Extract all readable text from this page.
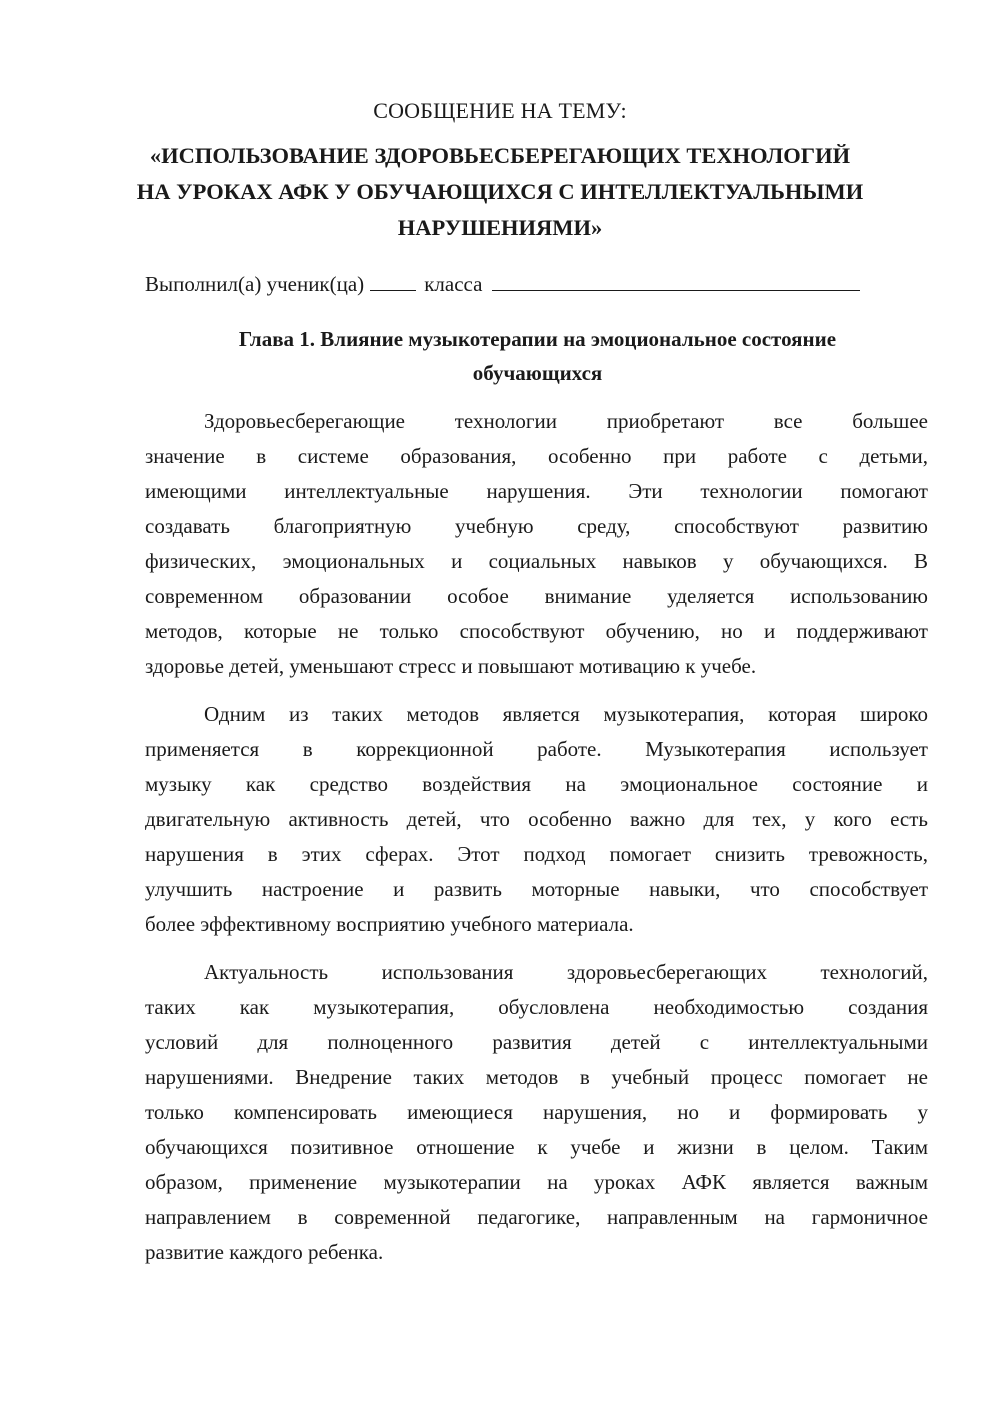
СООБЩЕНИЕ НА ТЕМУ:
«ИСПОЛЬЗОВАНИЕ ЗДОРОВЬЕСБЕРЕГАЮЩИХ ТЕХНОЛОГИЙ
НА УРОКАХ АФК У ОБУЧАЮЩИХСЯ С ИНТЕЛЛЕКТУАЛЬНЫМИ
НАРУШЕНИЯМИ»
Выполнил(а) ученик(ца)	класса
Глава 1. Влияние музыкотерапии на эмоциональное состояние
обучающихся
Здоровьесберегающие технологии приобретают все большее
значение в системе образования, особенно при работе с детьми,
имеющими интеллектуальные нарушения. Эти технологии помогают
создавать благоприятную учебную среду, способствуют развитию
физических, эмоциональных и социальных навыков у обучающихся. В
современном образовании особое внимание уделяется использованию
методов, которые не только способствуют обучению, но и поддерживают
здоровье детей, уменьшают стресс и повышают мотивацию к учебе.
Одним из таких методов является музыкотерапия, которая широко
применяется в коррекционной работе. Музыкотерапия использует
музыку как средство воздействия на эмоциональное состояние и
двигательную активность детей, что особенно важно для тех, у кого есть
нарушения в этих сферах. Этот подход помогает снизить тревожность,
улучшить настроение и развить моторные навыки, что способствует
более эффективному восприятию учебного материала.
Актуальность использования здоровьесберегающих технологий,
таких как музыкотерапия, обусловлена необходимостью создания
условий для полноценного развития детей с интеллектуальными
нарушениями. Внедрение таких методов в учебный процесс помогает не
только компенсировать имеющиеся нарушения, но и формировать у
обучающихся позитивное отношение к учебе и жизни в целом. Таким
образом, применение музыкотерапии на уроках АФК является важным
направлением в современной педагогике, направленным на гармоничное
развитие каждого ребенка.
